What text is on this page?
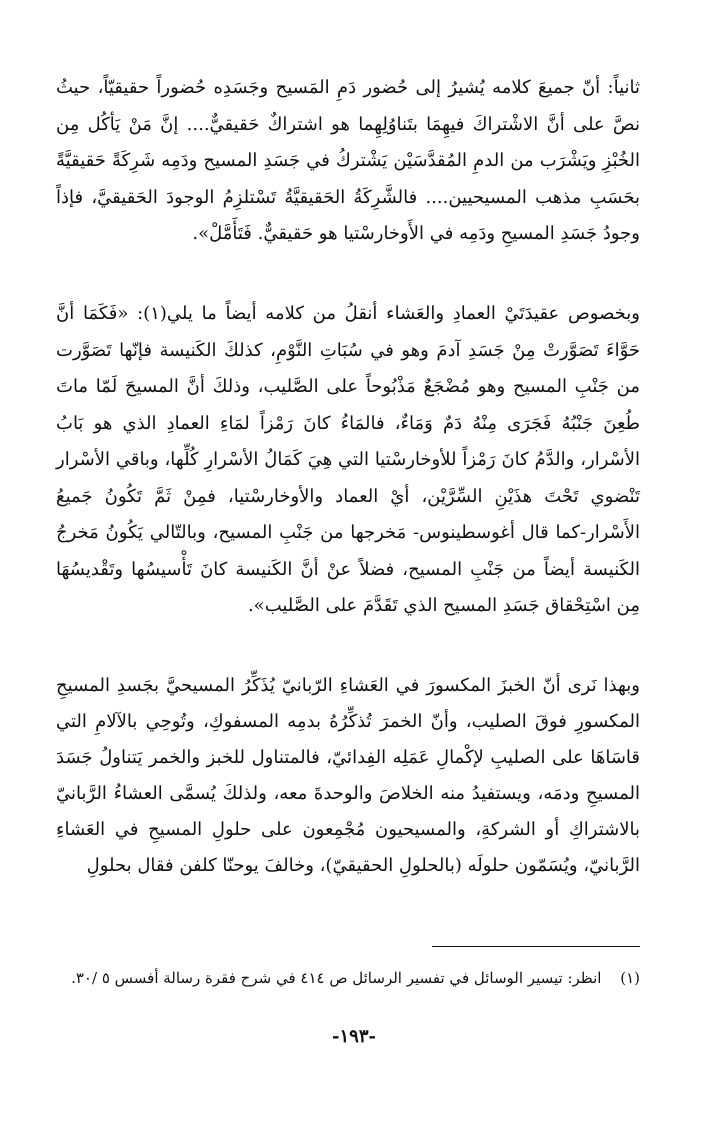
ثانياً: أنّ جميعَ كلامه يُشيرُ إلى حُضور دَمِ المَسيح وجَسَدِه حُضوراً حقيقيّاً، حيثُ نصَّ على أنَّ الاشْتراكَ فيهِمَا بتَناوُلِهِما هو اشتراكٌ حَقيقيٌّ.... إنَّ مَنْ يَأكُل مِن الخُبْزِ ويَشْرَب من الدمِ المُقدَّسَيْن يَشْتركُ في جَسَدِ المسيح ودَمِه شَرِكَةً حَقيقيَّةً بحَسَبِ مذهب المسيحيين.... فالشَّرِكَةُ الحَقيقيَّةُ تَسْتلزِمُ الوجودَ الحَقيقيَّ، فإذاً وجودُ جَسَدِ المسيحِ ودَمِه في الأَوخارسْتيا هو حَقيقيٌّ. فَتَأَمَّلْ».

وبخصوص عقيدَتَيْ العمادِ والعَشاء أنقلُ من كلامه أيضاً ما يلي(١): «فَكَمَا أنَّ حَوَّاءَ تَصَوَّرتْ مِنْ جَسَدِ آدمَ وهو في سُبَاتِ النَّوْمِ، كذلكَ الكَنيسة فإنّها تَصَوَّرت من جَنْبِ المسيح وهو مُضْجَعٌ مَذْبُوحاً على الصَّليب، وذلكَ أنَّ المسيحَ لَمّا ماتَ طُعِنَ جَنْبُهُ فَجَرَى مِنْهُ دَمٌ وَمَاءٌ، فالمَاءُ كانَ رَمْزاً لمَاءِ العمادِ الذي هو بَابُ الأسْرار، والدَّمُ كانَ رَمْزاً للأوخارسْتيا التي هِيَ كَمَالُ الأسْرارِ كُلِّها، وباقي الأسْرار تَنْضوي تَحْتَ هذَيْنِ السِّرَّيْن، أيْ العماد والأوخارسْتيا، فمِنْ ثَمَّ تَكُونُ جَميعُ الأَسْرار-كما قال أغوسطينوس- مَخرجها من جَنْبِ المسيح، وبالتّالي يَكُونُ مَخرجُ الكَنيسة أيضاً من جَنْبِ المسيح، فضلاً عنْ أنَّ الكَنيسة كانَ تَأْسيسُها وتَقْديسُهَا مِن اسْتِحْقاق جَسَدِ المسيح الذي تَقَدَّمَ على الصَّليب».

وبهذا نَرى أنّ الخبزَ المكسورَ في العَشاءِ الرّبانيّ يُذَكِّرُ المسيحيَّ بجَسدِ المسيحِ المكسورِ فوقَ الصليب، وأنّ الخمرَ تُذكِّرُهُ بدمِه المسفوكِ، وتُوحِي بالآلامِ التي قاسَاهَا على الصليبِ لإكْمالِ عَمَلِه الفِدائيّ، فالمتناول للخبز والخمر يَتناولُ جَسَدَ المسيحِ ودمَه، ويستفيدُ منه الخلاصَ والوحدةَ معه، ولذلكَ يُسمَّى العشاءُ الرَّبانيّ بالاشتراكِ أو الشركةِ، والمسيحيون مُجْمِعون على حلولِ المسيحِ في العَشاءِ الرَّبانيّ، ويُسَمّون حلولَه (بالحلولِ الحقيقيّ)، وخالفَ يوحنّا كلفن فقال بحلولِ

(١) انظر: تيسير الوسائل في تفسير الرسائل ص ٤١٤ في شرح فقرة رسالة أفسس ٥ /٣٠.

-١٩٣-
